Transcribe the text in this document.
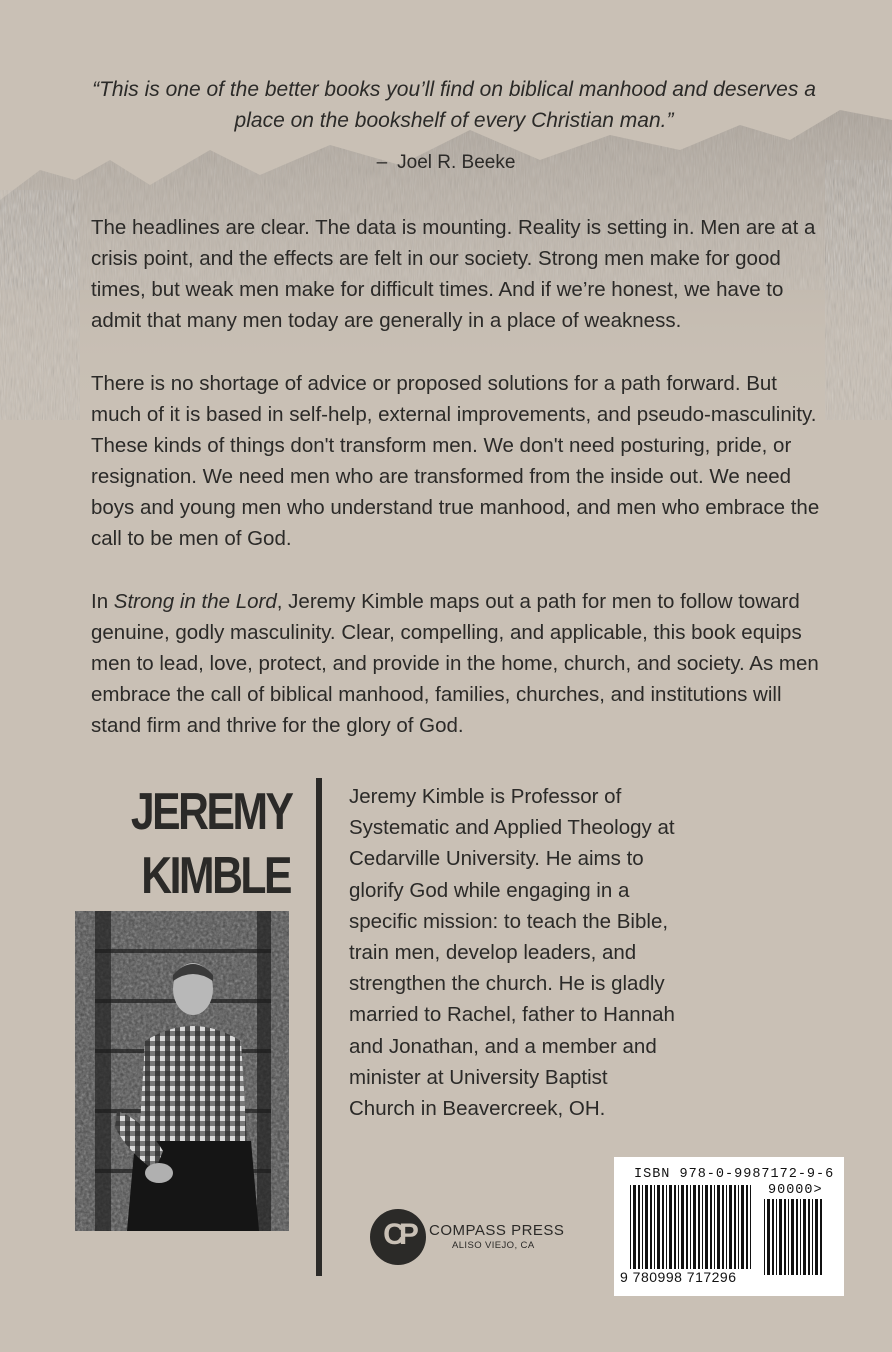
“This is one of the better books you’ll find on biblical manhood and deserves a place on the bookshelf of every Christian man.”
– Joel R. Beeke

The headlines are clear. The data is mounting. Reality is setting in. Men are at a crisis point, and the effects are felt in our society. Strong men make for good times, but weak men make for difficult times. And if we’re honest, we have to admit that many men today are generally in a place of weakness.

There is no shortage of advice or proposed solutions for a path forward. But much of it is based in self-help, external improvements, and pseudo-masculinity. These kinds of things don't transform men. We don't need posturing, pride, or resignation. We need men who are transformed from the inside out. We need boys and young men who understand true manhood, and men who embrace the call to be men of God.

In Strong in the Lord, Jeremy Kimble maps out a path for men to follow toward genuine, godly masculinity. Clear, compelling, and applicable, this book equips men to lead, love, protect, and provide in the home, church, and society. As men embrace the call of biblical manhood, families, churches, and institutions will stand firm and thrive for the glory of God.

JEREMY
KIMBLE

Jeremy Kimble is Professor of Systematic and Applied Theology at Cedarville University. He aims to glorify God while engaging in a specific mission: to teach the Bible, train men, develop leaders, and strengthen the church. He is gladly married to Rachel, father to Hannah and Jonathan, and a member and minister at University Baptist Church in Beavercreek, OH.

CP	COMPASS PRESS
ALISO VIEJO, CA
ISBN 978-0-9987172-9-6
90000>
9 780998 717296
